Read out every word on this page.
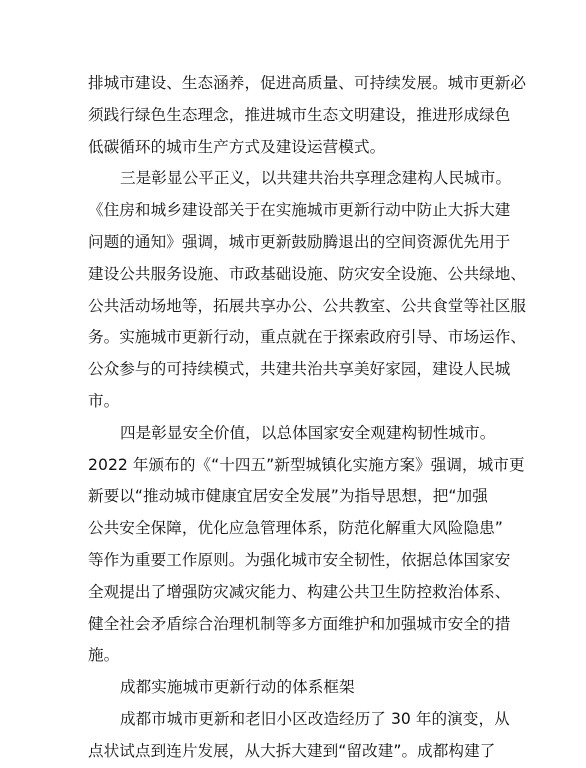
排城市建设、生态涵养，促进高质量、可持续发展。城市更新必
须践行绿色生态理念，推进城市生态文明建设，推进形成绿色
低碳循环的城市生产方式及建设运营模式。
三是彰显公平正义，以共建共治共享理念建构人民城市。
《住房和城乡建设部关于在实施城市更新行动中防止大拆大建
问题的通知》强调，城市更新鼓励腾退出的空间资源优先用于
建设公共服务设施、市政基础设施、防灾安全设施、公共绿地、
公共活动场地等，拓展共享办公、公共教室、公共食堂等社区服
务。实施城市更新行动，重点就在于探索政府引导、市场运作、
公众参与的可持续模式，共建共治共享美好家园，建设人民城
市。
四是彰显安全价值，以总体国家安全观建构韧性城市。
2022 年颁布的《“十四五”新型城镇化实施方案》强调，城市更
新要以“推动城市健康宜居安全发展”为指导思想，把“加强
公共安全保障，优化应急管理体系，防范化解重大风险隐患”
等作为重要工作原则。为强化城市安全韧性，依据总体国家安
全观提出了增强防灾减灾能力、构建公共卫生防控救治体系、
健全社会矛盾综合治理机制等多方面维护和加强城市安全的措
施。
成都实施城市更新行动的体系框架
成都市城市更新和老旧小区改造经历了 30 年的演变，从
点状试点到连片发展，从大拆大建到“留改建”。成都构建了
